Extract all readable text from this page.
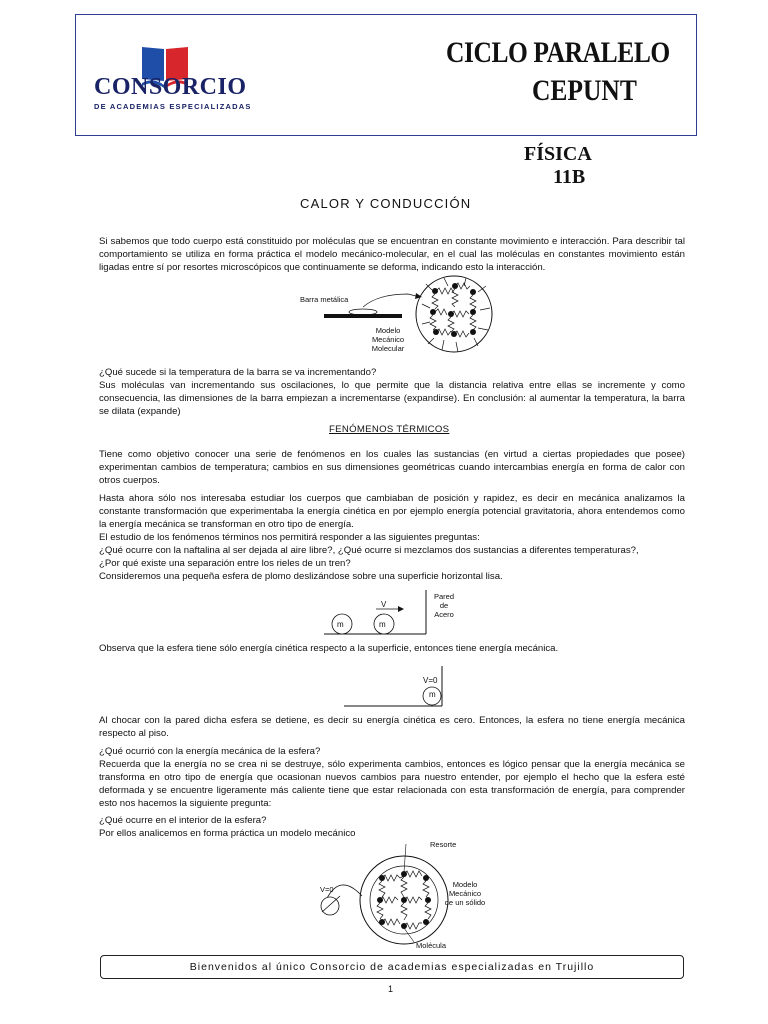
CONSORCIO
DE ACADEMIAS ESPECIALIZADAS
CICLO PARALELO
CEPUNT
FÍSICA
11B
CALOR Y CONDUCCIÓN

Si sabemos que todo cuerpo está constituido por moléculas que se encuentran en constante movimiento e interacción. Para describir tal comportamiento se utiliza en forma práctica el modelo mecánico-molecular, en el cual las moléculas en constantes movimiento están ligadas entre sí por resortes microscópicos que continuamente se deforma, indicando esto la interacción.

Barra metálica
Modelo Mecánico Molecular

¿Qué sucede si la temperatura de la barra se va incrementando?
Sus moléculas van incrementando sus oscilaciones, lo que permite que la distancia relativa entre ellas se incremente y como consecuencia, las dimensiones de la barra empiezan a incrementarse (expandirse). En conclusión: al aumentar la temperatura, la barra se dilata (expande)

FENÓMENOS TÉRMICOS

Tiene como objetivo conocer una serie de fenómenos en los cuales las sustancias (en virtud a ciertas propiedades que posee) experimentan cambios de temperatura; cambios en sus dimensiones geométricas cuando intercambias energía en forma de calor con otros cuerpos.

Hasta ahora sólo nos interesaba estudiar los cuerpos que cambiaban de posición y rapidez, es decir en mecánica analizamos la constante transformación que experimentaba la energía cinética en por ejemplo energía potencial gravitatoria, ahora entendemos como la energía mecánica se transforman en otro tipo de energía.
El estudio de los fenómenos términos nos permitirá responder a las siguientes preguntas:
¿Qué ocurre con la naftalina al ser dejada al aire libre?, ¿Qué ocurre si mezclamos dos sustancias a diferentes temperaturas?,
¿Por qué existe una separación entre los rieles de un tren?
Consideremos una pequeña esfera de plomo deslizándose sobre una superficie horizontal lisa.

m	m
V
Pared de Acero

Observa que la esfera tiene sólo energía cinética respecto a la superficie, entonces tiene energía mecánica.

V=0
m

Al chocar con la pared dicha esfera se detiene, es decir su energía cinética es cero. Entonces, la esfera no tiene energía mecánica respecto al piso.

¿Qué ocurrió con la energía mecánica de la esfera?
Recuerda que la energía no se crea ni se destruye, sólo experimenta cambios, entonces es lógico pensar que la energía mecánica se transforma en otro tipo de energía que ocasionan nuevos cambios para nuestro entender, por ejemplo el hecho que la esfera esté deformada y se encuentre ligeramente más caliente tiene que estar relacionada con esta transformación de energía, para comprender esto nos hacemos la siguiente pregunta:

¿Qué ocurre en el interior de la esfera?
Por ellos analicemos en forma práctica un modelo mecánico

Resorte
V=0
Modelo Mecánico de un sólido
Molécula
Bienvenidos al único Consorcio de academias especializadas en Trujillo
1
